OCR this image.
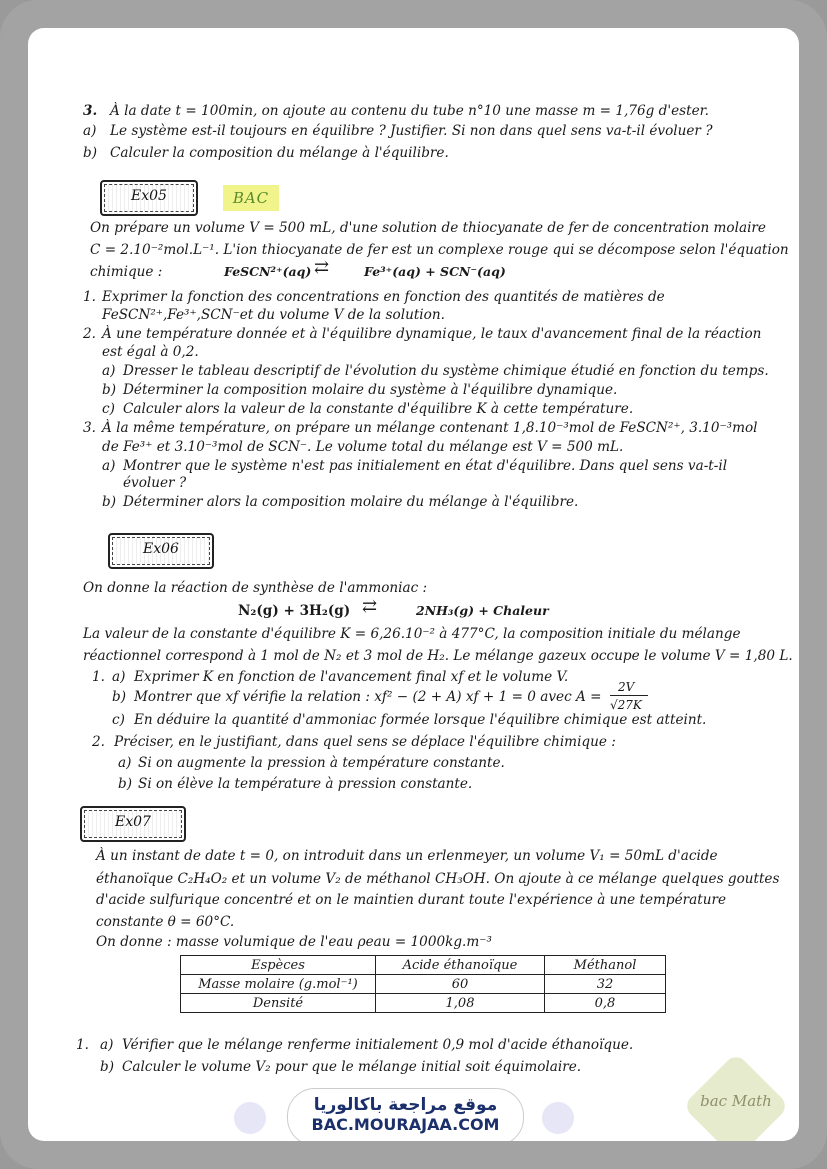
3. À la date t = 100min, on ajoute au contenu du tube n°10 une masse m = 1,76g d'ester.
a) Le système est-il toujours en équilibre ? Justifier. Si non dans quel sens va-t-il évoluer ?
b) Calculer la composition du mélange à l'équilibre.
Ex05	BAC
On prépare un volume V = 500 mL, d'une solution de thiocyanate de fer de concentration molaire
C = 2.10⁻²mol.L⁻¹. L'ion thiocyanate de fer est un complexe rouge qui se décompose selon l'équation
chimique :	FeSCN²⁺(aq) ⇄	Fe³⁺(aq) + SCN⁻(aq)
1. Exprimer la fonction des concentrations en fonction des quantités de matières de
FeSCN²⁺,Fe³⁺,SCN⁻et du volume V de la solution.
2. À une température donnée et à l'équilibre dynamique, le taux d'avancement final de la réaction
est égal à 0,2.
a) Dresser le tableau descriptif de l'évolution du système chimique étudié en fonction du temps.
b) Déterminer la composition molaire du système à l'équilibre dynamique.
c) Calculer alors la valeur de la constante d'équilibre K à cette température.
3. À la même température, on prépare un mélange contenant 1,8.10⁻³mol de FeSCN²⁺, 3.10⁻³mol
de Fe³⁺ et 3.10⁻³mol de SCN⁻. Le volume total du mélange est V = 500 mL.
a) Montrer que le système n'est pas initialement en état d'équilibre. Dans quel sens va-t-il
évoluer ?
b) Déterminer alors la composition molaire du mélange à l'équilibre.
Ex06
On donne la réaction de synthèse de l'ammoniac :
N₂(g) + 3H₂(g) ⇄	2NH₃(g) + Chaleur
La valeur de la constante d'équilibre K = 6,26.10⁻² à 477°C, la composition initiale du mélange
réactionnel correspond à 1 mol de N₂ et 3 mol de H₂. Le mélange gazeux occupe le volume V = 1,80 L.
1. a) Exprimer K en fonction de l'avancement final xf et le volume V.
b) Montrer que xf vérifie la relation : xf² − (2 + A) xf + 1 = 0 avec A =
2V
√27K
c) En déduire la quantité d'ammoniac formée lorsque l'équilibre chimique est atteint.
2. Préciser, en le justifiant, dans quel sens se déplace l'équilibre chimique :
a) Si on augmente la pression à température constante.
b) Si on élève la température à pression constante.
Ex07
À un instant de date t = 0, on introduit dans un erlenmeyer, un volume V₁ = 50mL d'acide
éthanoïque C₂H₄O₂ et un volume V₂ de méthanol CH₃OH. On ajoute à ce mélange quelques gouttes
d'acide sulfurique concentré et on le maintien durant toute l'expérience à une température
constante θ = 60°C.
On donne : masse volumique de l'eau ρeau = 1000kg.m⁻³
Espèces	Acide éthanoïque	Méthanol
Masse molaire (g.mol⁻¹)	60	32
Densité	1,08	0,8
1. a) Vérifier que le mélange renferme initialement 0,9 mol d'acide éthanoïque.
b) Calculer le volume V₂ pour que le mélange initial soit équimolaire.
موقع مراجعة باكالوريا
BAC.MOURAJAA.COM
bac Math
